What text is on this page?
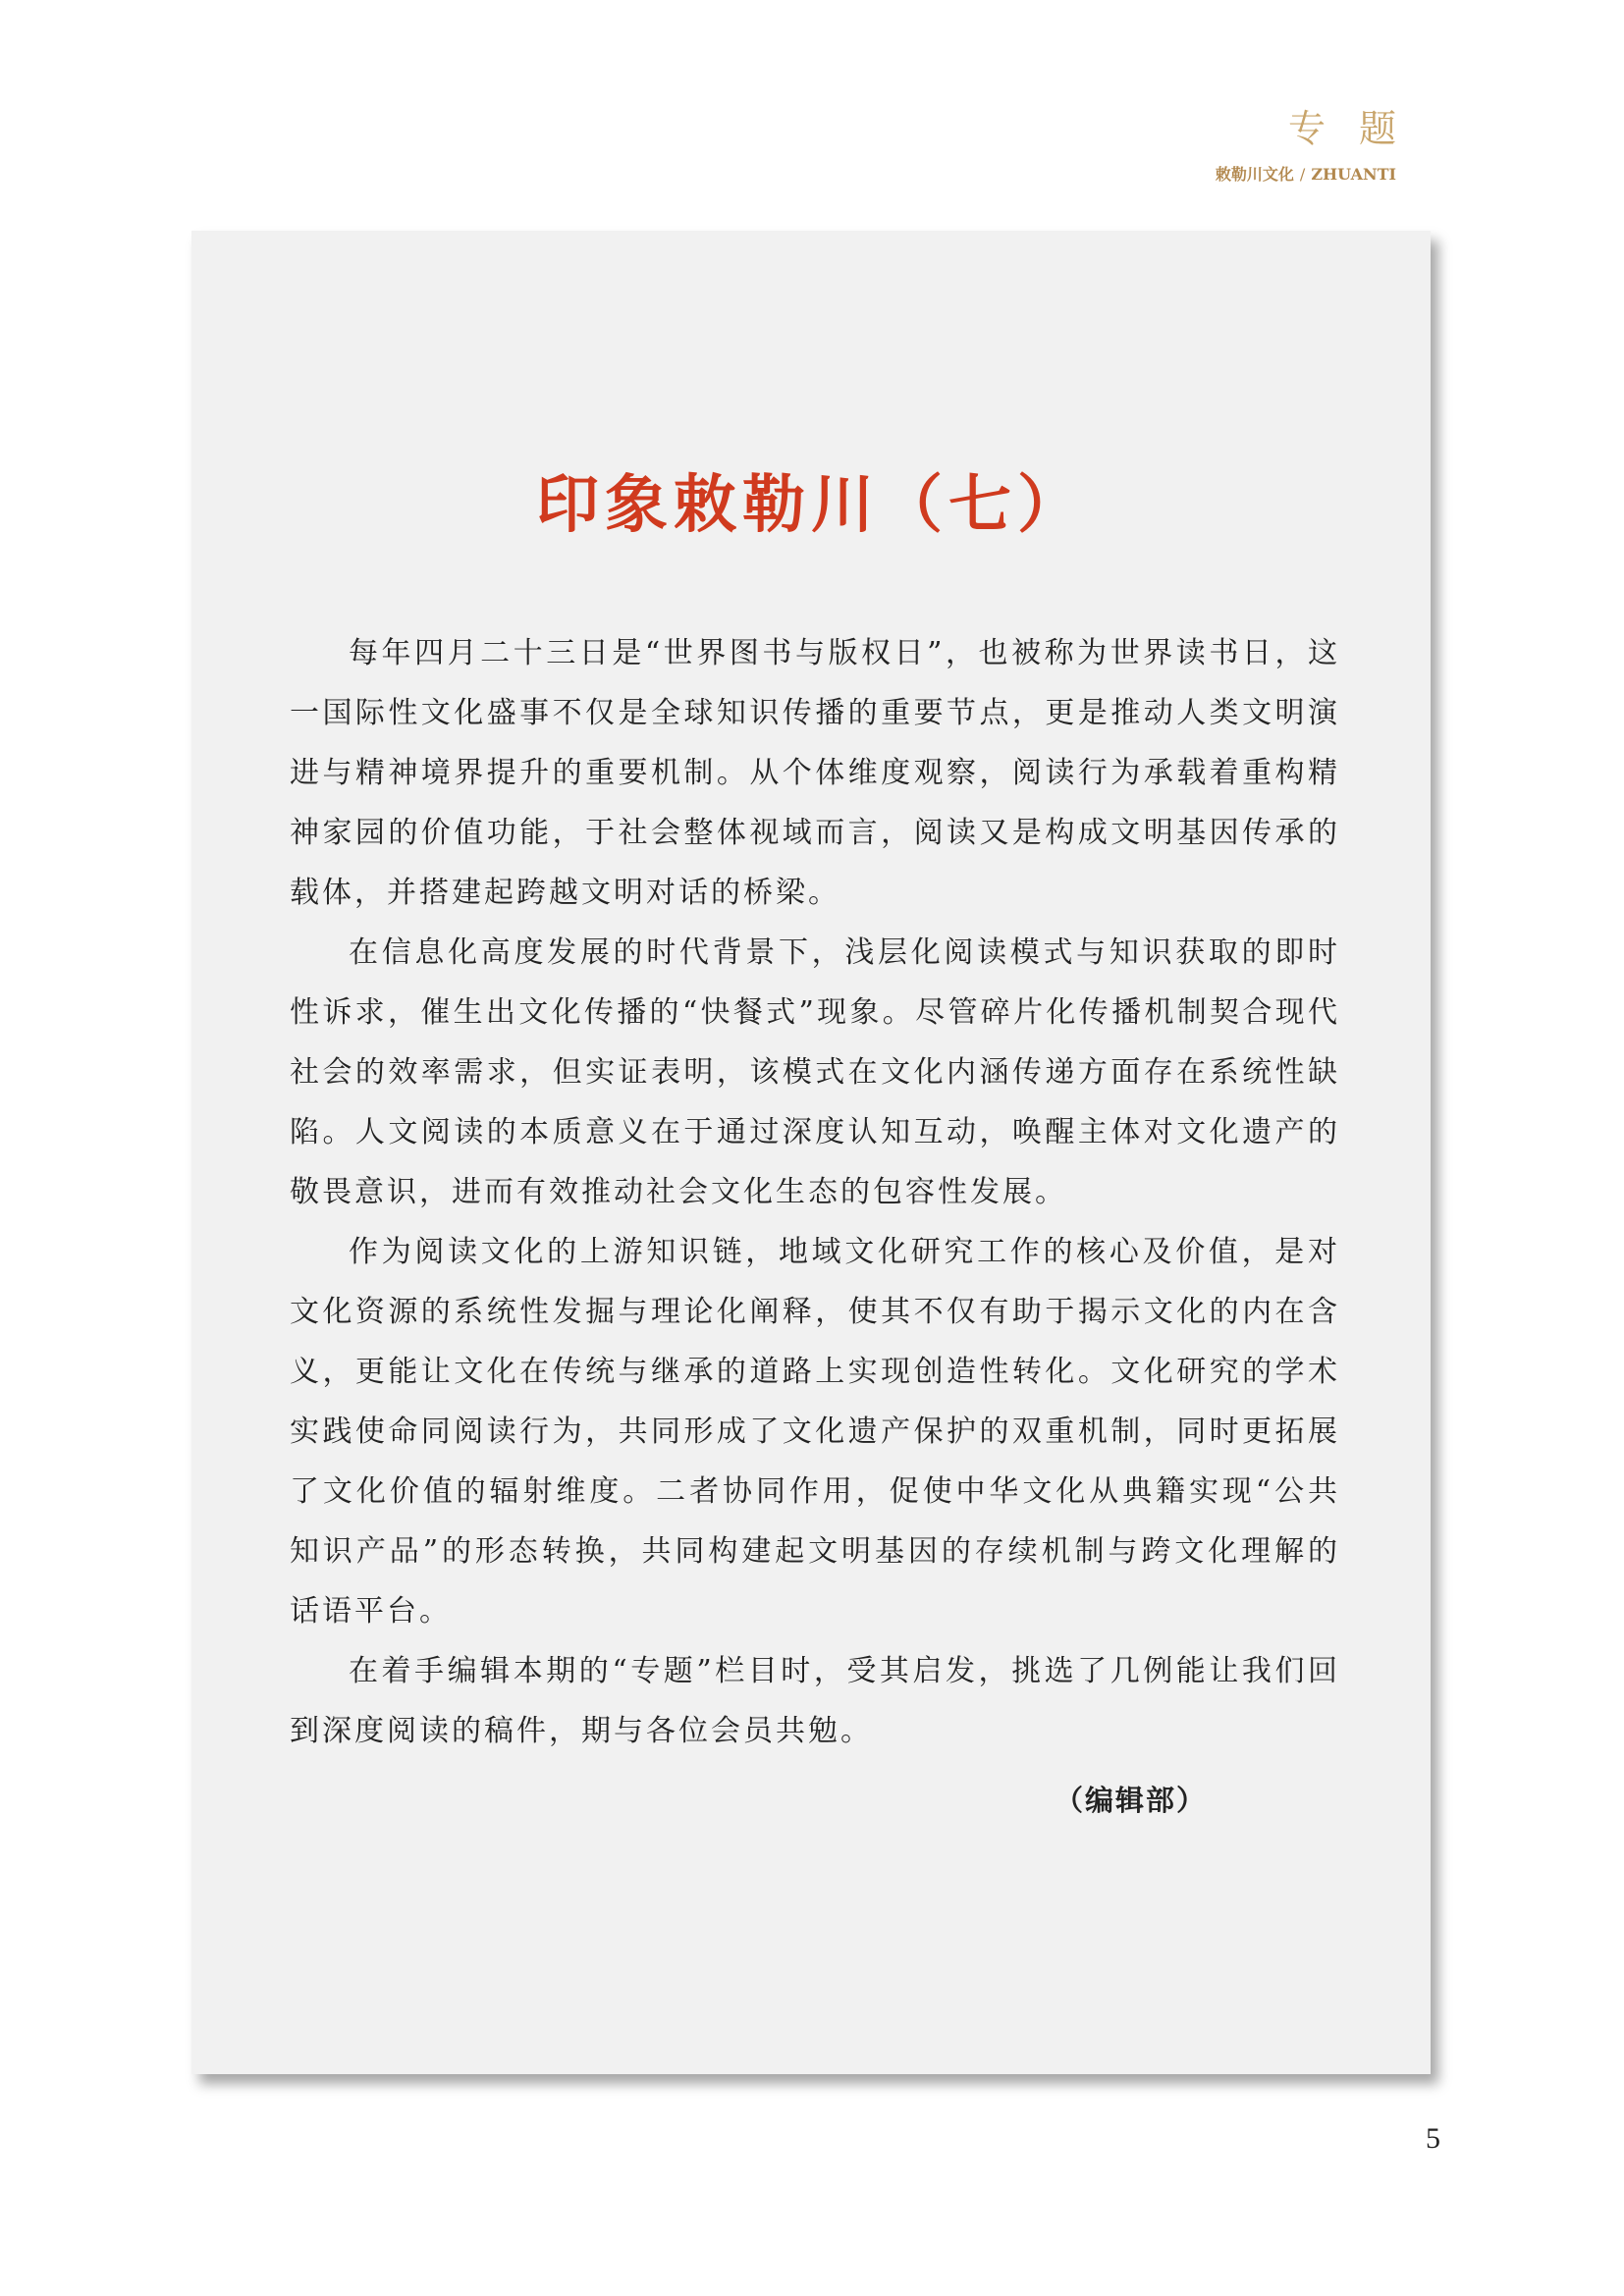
专题
敕勒川文化 / ZHUANTI
印象敕勒川（七）

每年四月二十三日是“世界图书与版权日”，也被称为世界读书日，这一国际性文化盛事不仅是全球知识传播的重要节点，更是推动人类文明演进与精神境界提升的重要机制。从个体维度观察，阅读行为承载着重构精神家园的价值功能，于社会整体视域而言，阅读又是构成文明基因传承的载体，并搭建起跨越文明对话的桥梁。

在信息化高度发展的时代背景下，浅层化阅读模式与知识获取的即时性诉求，催生出文化传播的“快餐式”现象。尽管碎片化传播机制契合现代社会的效率需求，但实证表明，该模式在文化内涵传递方面存在系统性缺陷。人文阅读的本质意义在于通过深度认知互动，唤醒主体对文化遗产的敬畏意识，进而有效推动社会文化生态的包容性发展。

作为阅读文化的上游知识链，地域文化研究工作的核心及价值，是对文化资源的系统性发掘与理论化阐释，使其不仅有助于揭示文化的内在含义，更能让文化在传统与继承的道路上实现创造性转化。文化研究的学术实践使命同阅读行为，共同形成了文化遗产保护的双重机制，同时更拓展了文化价值的辐射维度。二者协同作用，促使中华文化从典籍实现“公共知识产品”的形态转换，共同构建起文明基因的存续机制与跨文化理解的话语平台。

在着手编辑本期的“专题”栏目时，受其启发，挑选了几例能让我们回到深度阅读的稿件，期与各位会员共勉。

（编辑部）
5
